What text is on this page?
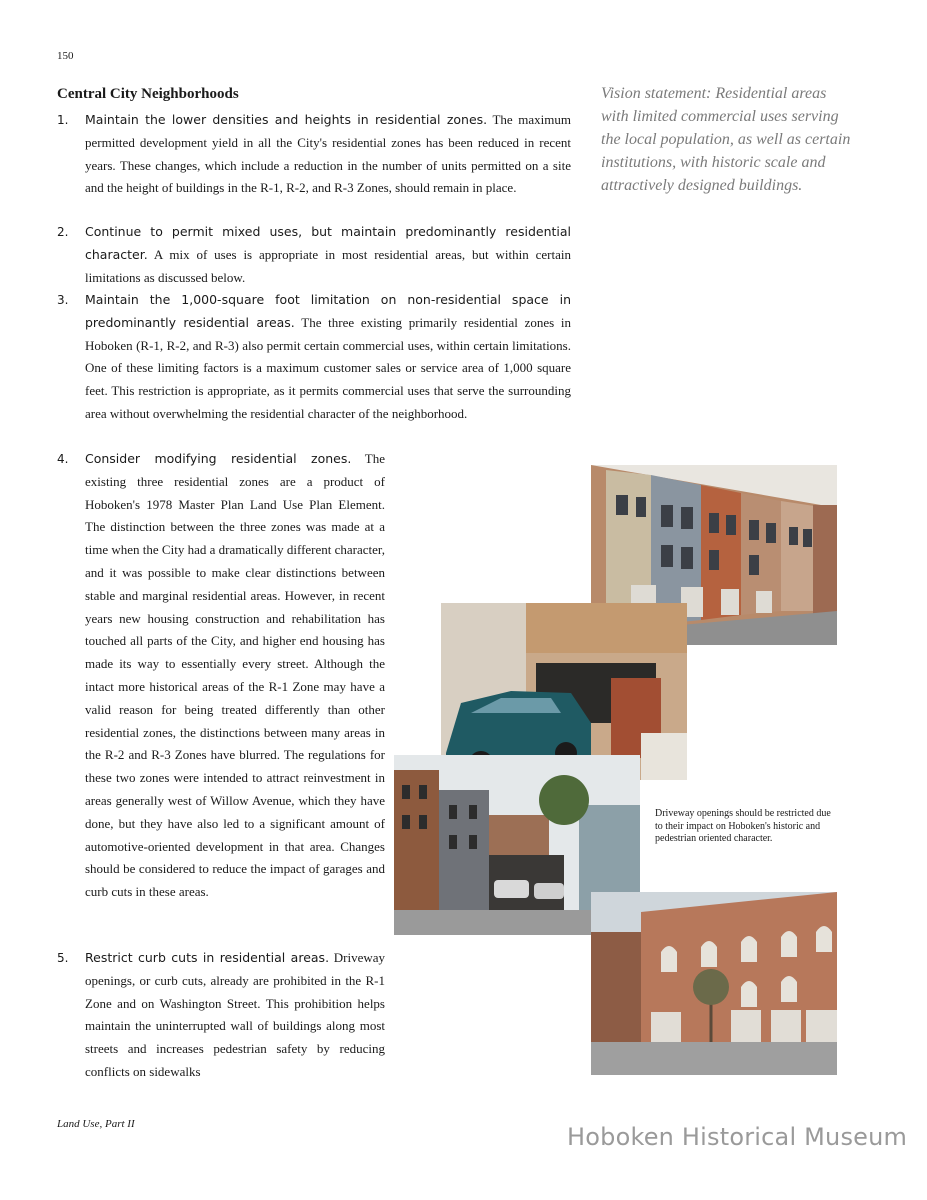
150
Central City Neighborhoods	Vision statement: Residential areas with limited commercial uses serving the local population, as well as certain institutions, with historic scale and attractively designed buildings.

1. Maintain the lower densities and heights in residential zones. The maximum permitted development yield in all the City's residential zones has been reduced in recent years. These changes, which include a reduction in the number of units permitted on a site and the height of buildings in the R-1, R-2, and R-3 Zones, should remain in place.

2. Continue to permit mixed uses, but maintain predominantly residential character. A mix of uses is appropriate in most residential areas, but within certain limitations as discussed below.

3. Maintain the 1,000-square foot limitation on non-residential space in predominantly residential areas. The three existing primarily residential zones in Hoboken (R-1, R-2, and R-3) also permit certain commercial uses, within certain limitations. One of these limiting factors is a maximum customer sales or service area of 1,000 square feet. This restriction is appropriate, as it permits commercial uses that serve the surrounding area without overwhelming the residential character of the neighborhood.

4. Consider modifying residential zones. The existing three residential zones are a product of Hoboken's 1978 Master Plan Land Use Plan Element. The distinction between the three zones was made at a time when the City had a dramatically different character, and it was possible to make clear distinctions between stable and marginal residential areas. However, in recent years new housing construction and rehabilitation has touched all parts of the City, and higher end housing has made its way to essentially every street. Although the intact more historical areas of the R-1 Zone may have a valid reason for being treated differently than other residential zones, the distinctions between many areas in the R-2 and R-3 Zones have blurred. The regulations for these two zones were intended to attract reinvestment in areas generally west of Willow Avenue, which they have done, but they have also led to a significant amount of automotive-oriented development in that area. Changes should be considered to reduce the impact of garages and curb cuts in these areas.

5. Restrict curb cuts in residential areas. Driveway openings, or curb cuts, already are prohibited in the R-1 Zone and on Washington Street. This prohibition helps maintain the uninterrupted wall of buildings along most streets and increases pedestrian safety by reducing conflicts on sidewalks

Driveway openings should be restricted due to their impact on Hoboken's historic and pedestrian oriented character.

Land Use, Part II	Hoboken Historical Museum
